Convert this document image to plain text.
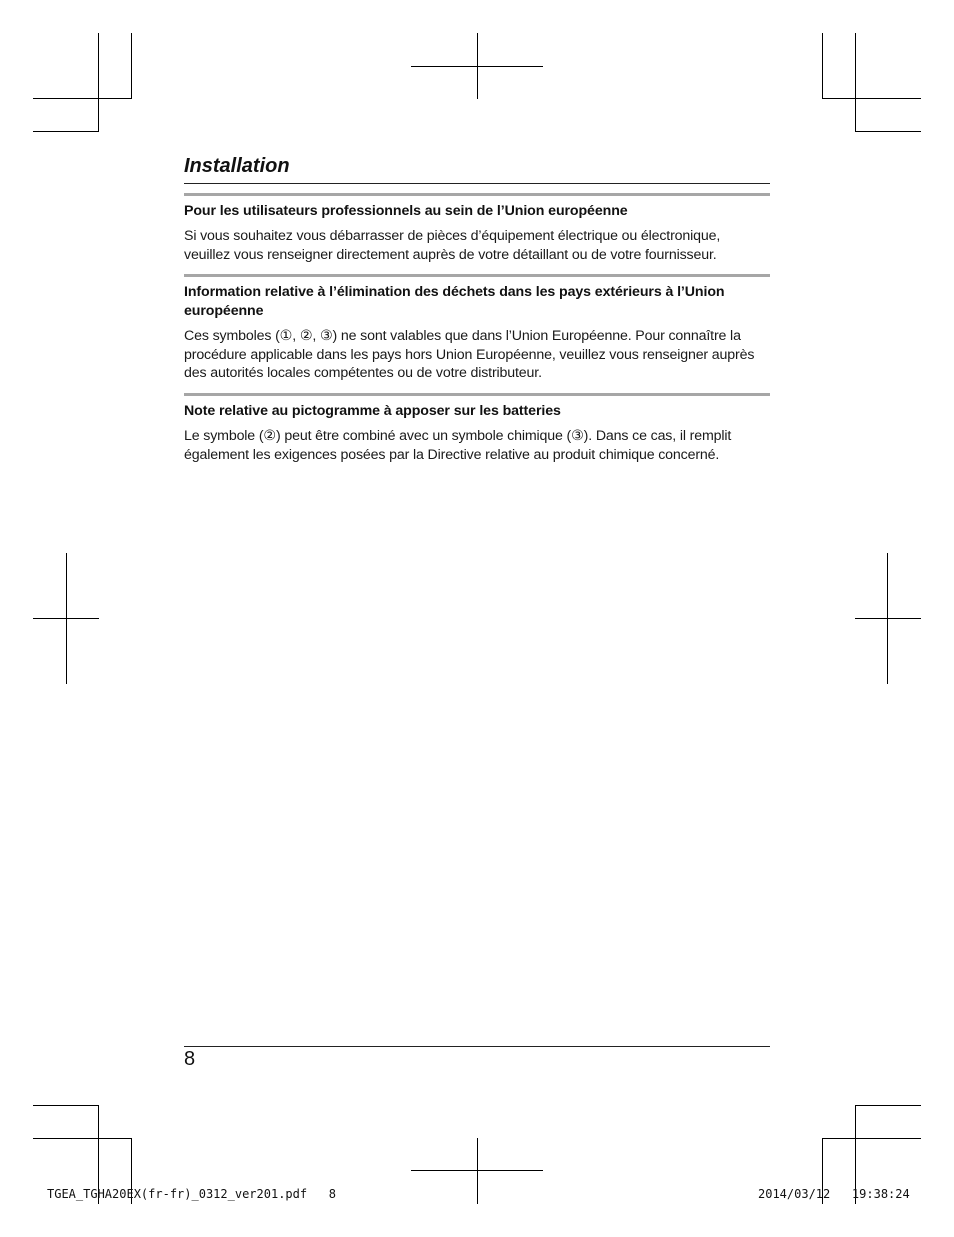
Installation

Pour les utilisateurs professionnels au sein de l’Union européenne

Si vous souhaitez vous débarrasser de pièces d’équipement électrique ou électronique, veuillez vous renseigner directement auprès de votre détaillant ou de votre fournisseur.

Information relative à l’élimination des déchets dans les pays extérieurs à l’Union européenne

Ces symboles (①, ②, ③) ne sont valables que dans l’Union Européenne. Pour connaître la procédure applicable dans les pays hors Union Européenne, veuillez vous renseigner auprès des autorités locales compétentes ou de votre distributeur.

Note relative au pictogramme à apposer sur les batteries

Le symbole (②) peut être combiné avec un symbole chimique (③). Dans ce cas, il remplit également les exigences posées par la Directive relative au produit chimique concerné.

8
TGEA_TGHA20EX(fr-fr)_0312_ver201.pdf   8	2014/03/12   19:38:24
